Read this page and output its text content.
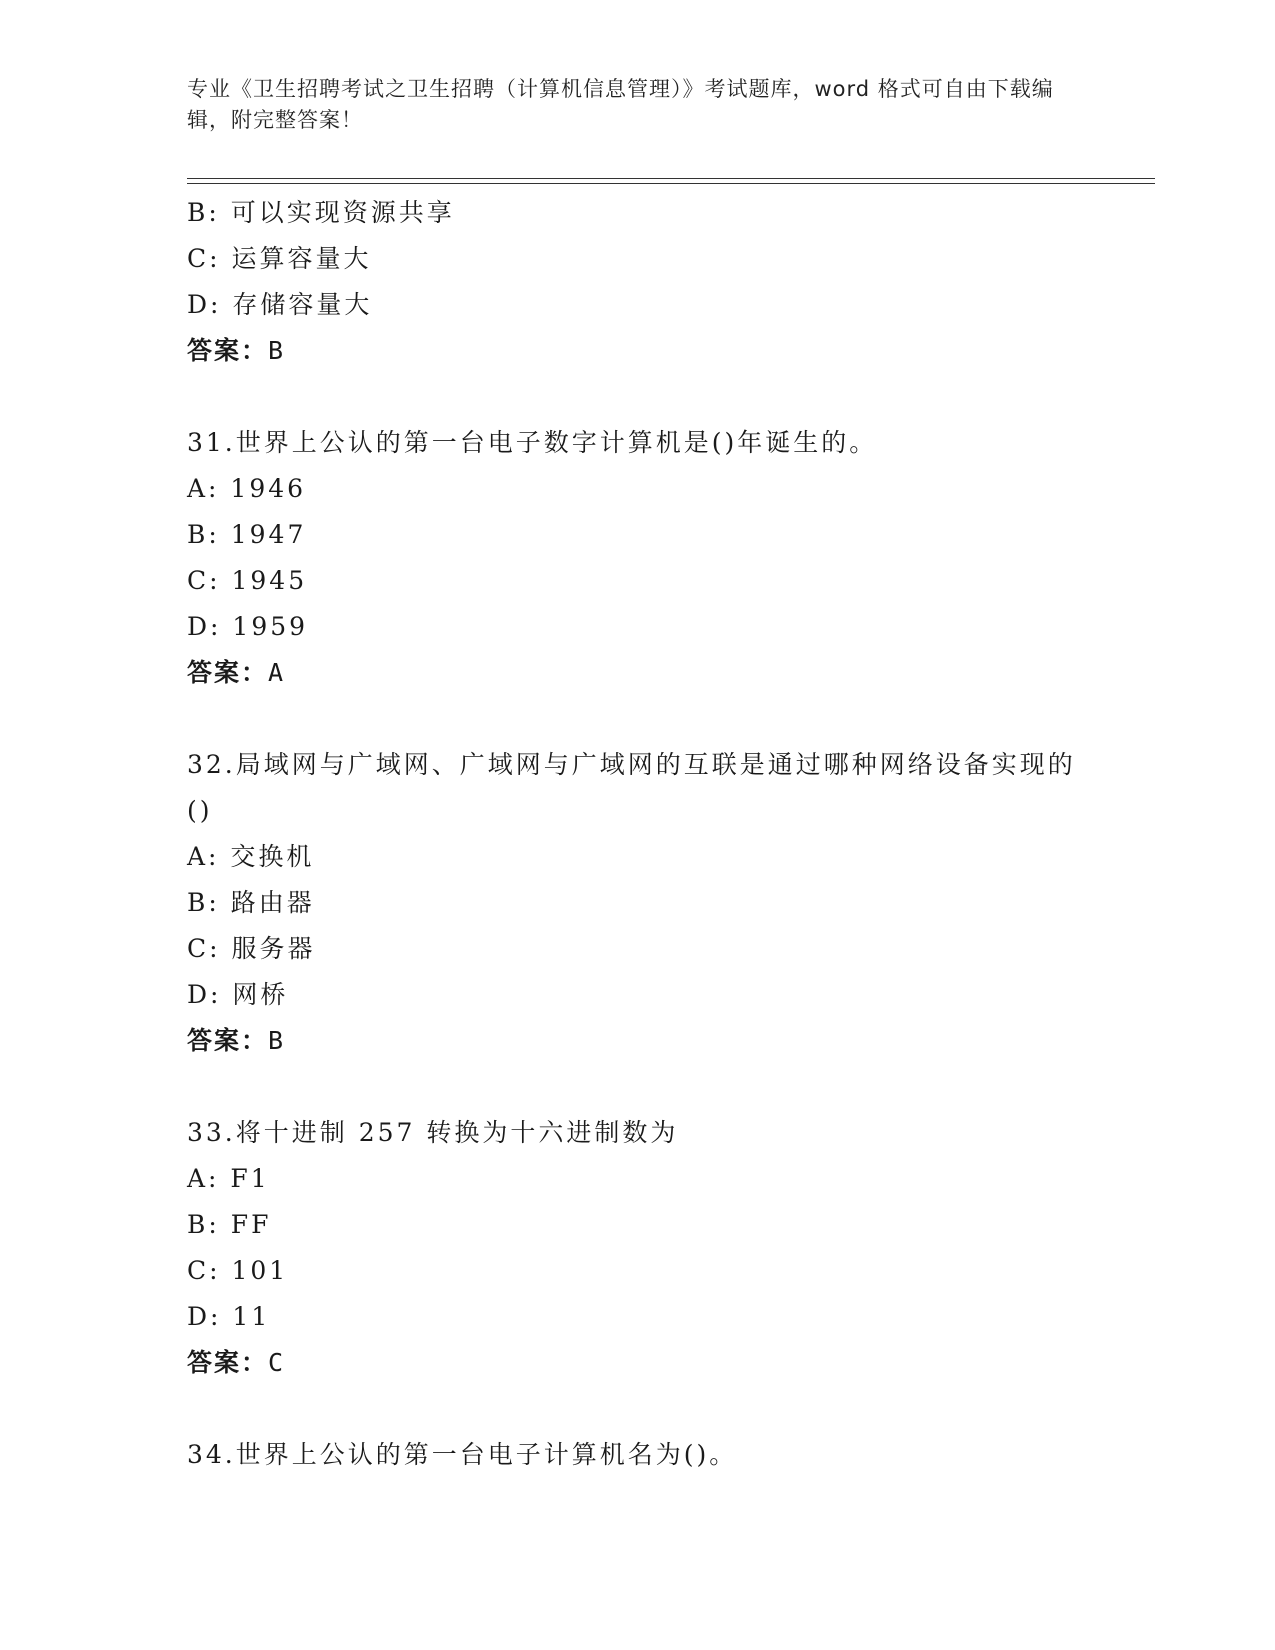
专业《卫生招聘考试之卫生招聘（计算机信息管理）》考试题库，word 格式可自由下载编辑，附完整答案！
B: 可以实现资源共享
C: 运算容量大
D: 存储容量大
答案：B
31.世界上公认的第一台电子数字计算机是()年诞生的。
A: 1946
B: 1947
C: 1945
D: 1959
答案：A
32.局域网与广域网、广域网与广域网的互联是通过哪种网络设备实现的()
A: 交换机
B: 路由器
C: 服务器
D: 网桥
答案：B
33.将十进制 257 转换为十六进制数为
A: F1
B: FF
C: 101
D: 11
答案：C
34.世界上公认的第一台电子计算机名为()。
